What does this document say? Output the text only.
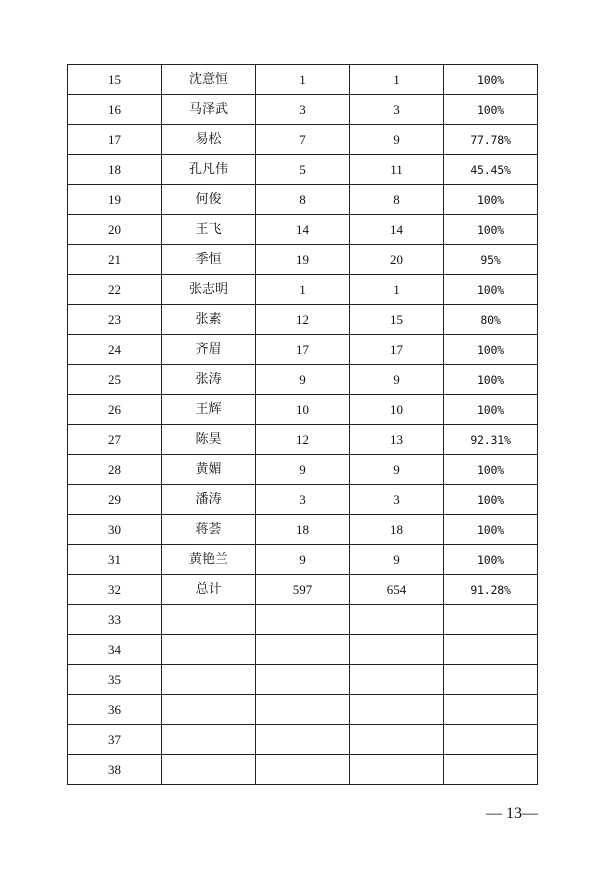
15	沈意恒	1	1	100%
16	马泽武	3	3	100%
17	易松	7	9	77.78%
18	孔凡伟	5	11	45.45%
19	何俊	8	8	100%
20	王飞	14	14	100%
21	季恒	19	20	95%
22	张志明	1	1	100%
23	张素	12	15	80%
24	齐眉	17	17	100%
25	张涛	9	9	100%
26	王辉	10	10	100%
27	陈昊	12	13	92.31%
28	黄媚	9	9	100%
29	潘涛	3	3	100%
30	蒋荟	18	18	100%
31	黄艳兰	9	9	100%
32	总计	597	654	91.28%
33				
34				
35				
36				
37				
38				
— 13—
